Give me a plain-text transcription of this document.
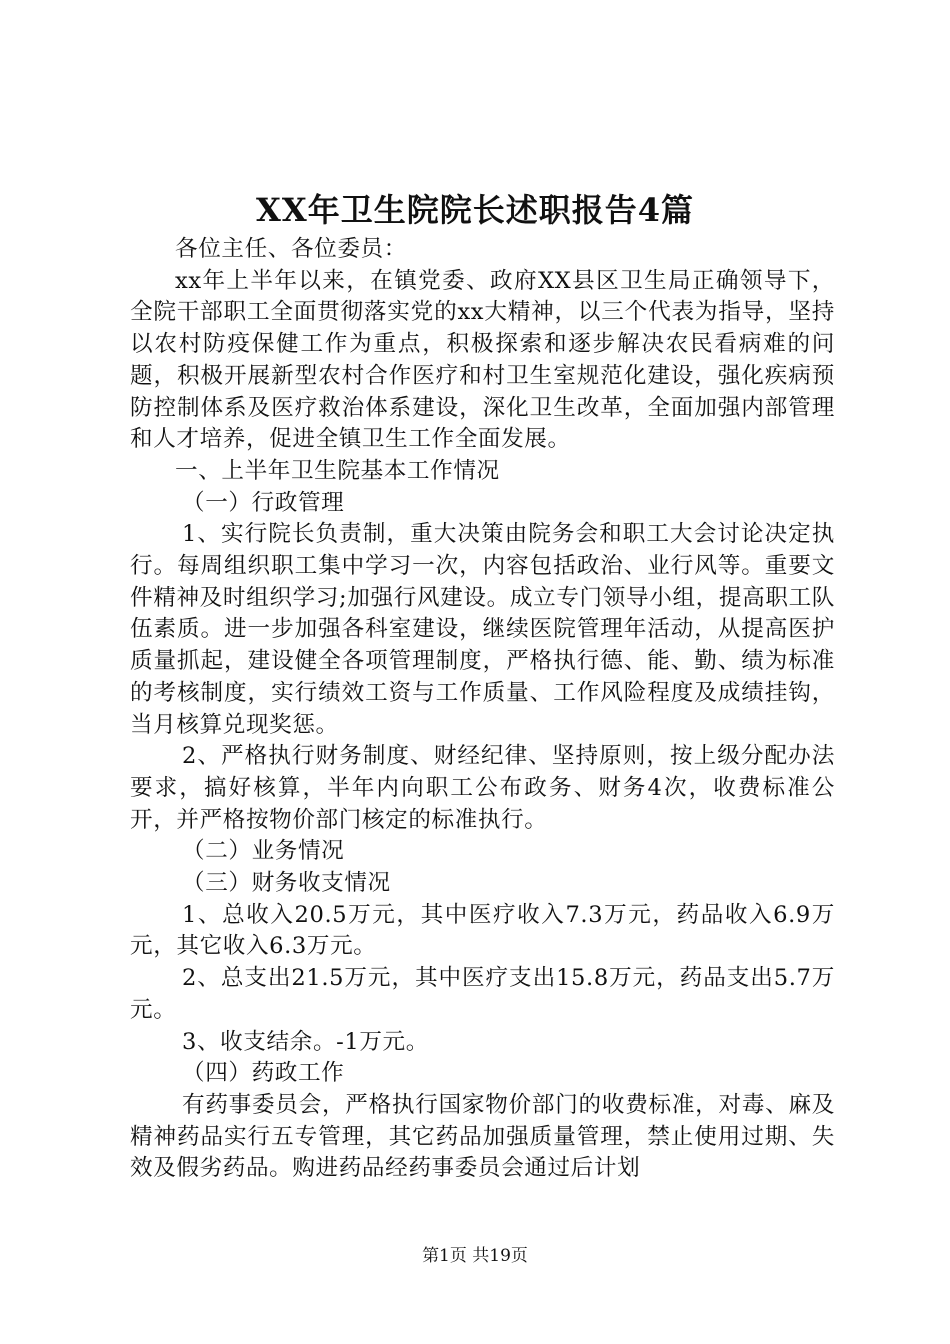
XX年卫生院院长述职报告4篇

各位主任、各位委员：

xx年上半年以来，在镇党委、政府XX县区卫生局正确领导下，全院干部职工全面贯彻落实党的xx大精神，以三个代表为指导，坚持以农村防疫保健工作为重点，积极探索和逐步解决农民看病难的问题，积极开展新型农村合作医疗和村卫生室规范化建设，强化疾病预防控制体系及医疗救治体系建设，深化卫生改革，全面加强内部管理和人才培养，促进全镇卫生工作全面发展。

一、上半年卫生院基本工作情况

（一）行政管理

1、实行院长负责制，重大决策由院务会和职工大会讨论决定执行。每周组织职工集中学习一次，内容包括政治、业行风等。重要文件精神及时组织学习;加强行风建设。成立专门领导小组，提高职工队伍素质。进一步加强各科室建设，继续医院管理年活动，从提高医护质量抓起，建设健全各项管理制度，严格执行德、能、勤、绩为标准的考核制度，实行绩效工资与工作质量、工作风险程度及成绩挂钩，当月核算兑现奖惩。

2、严格执行财务制度、财经纪律、坚持原则，按上级分配办法要求，搞好核算，半年内向职工公布政务、财务4次，收费标准公开，并严格按物价部门核定的标准执行。

（二）业务情况

（三）财务收支情况

1、总收入20.5万元，其中医疗收入7.3万元，药品收入6.9万元，其它收入6.3万元。

2、总支出21.5万元，其中医疗支出15.8万元，药品支出5.7万元。

3、收支结余。-1万元。

（四）药政工作

有药事委员会，严格执行国家物价部门的收费标准，对毒、麻及精神药品实行五专管理，其它药品加强质量管理，禁止使用过期、失效及假劣药品。购进药品经药事委员会通过后计划

第1页 共19页
